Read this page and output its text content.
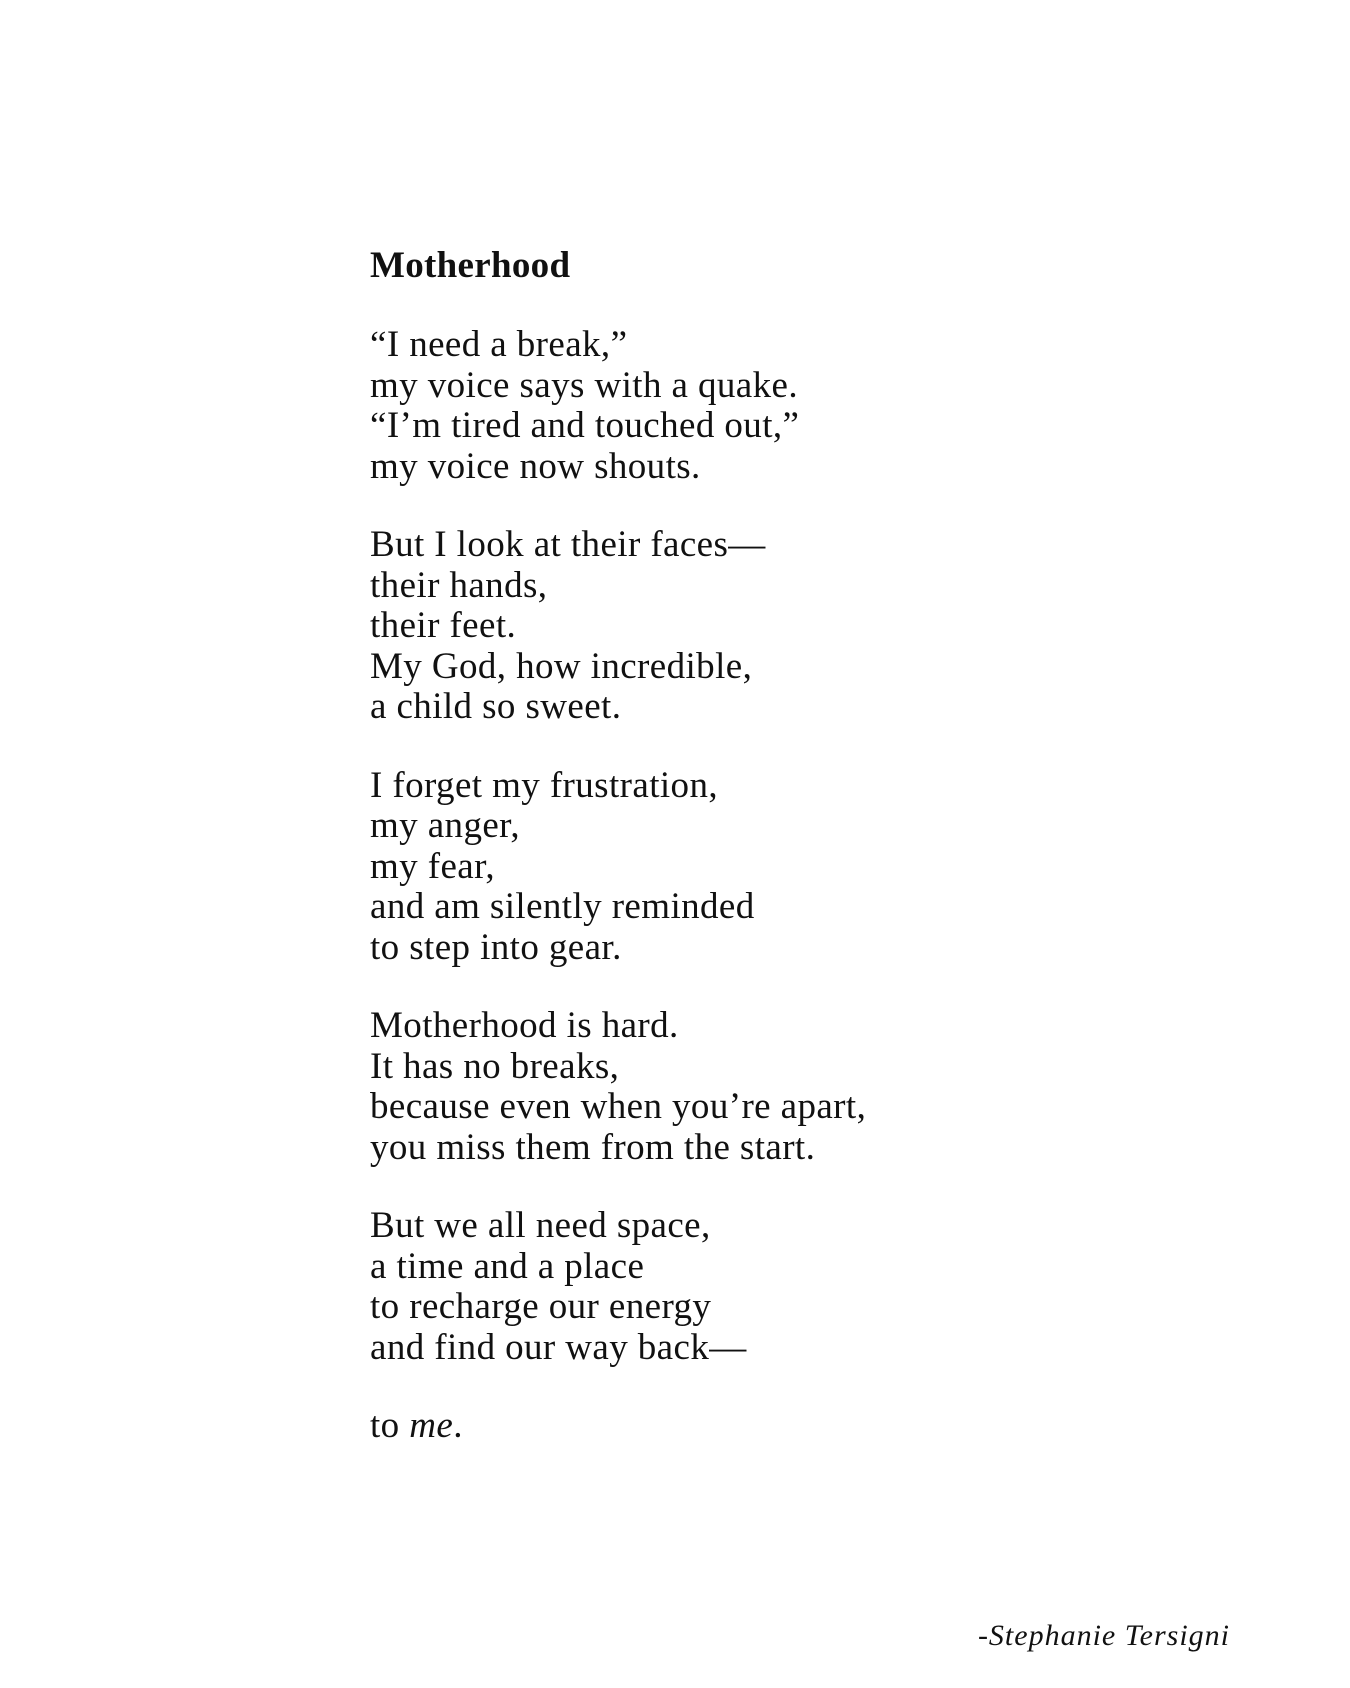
Motherhood
“I need a break,”
my voice says with a quake.
“I’m tired and touched out,”
my voice now shouts.
But I look at their faces—
their hands,
their feet.
My God, how incredible,
a child so sweet.
I forget my frustration,
my anger,
my fear,
and am silently reminded
to step into gear.
Motherhood is hard.
It has no breaks,
because even when you’re apart,
you miss them from the start.
But we all need space,
a time and a place
to recharge our energy
and find our way back—
to me.
-Stephanie Tersigni
